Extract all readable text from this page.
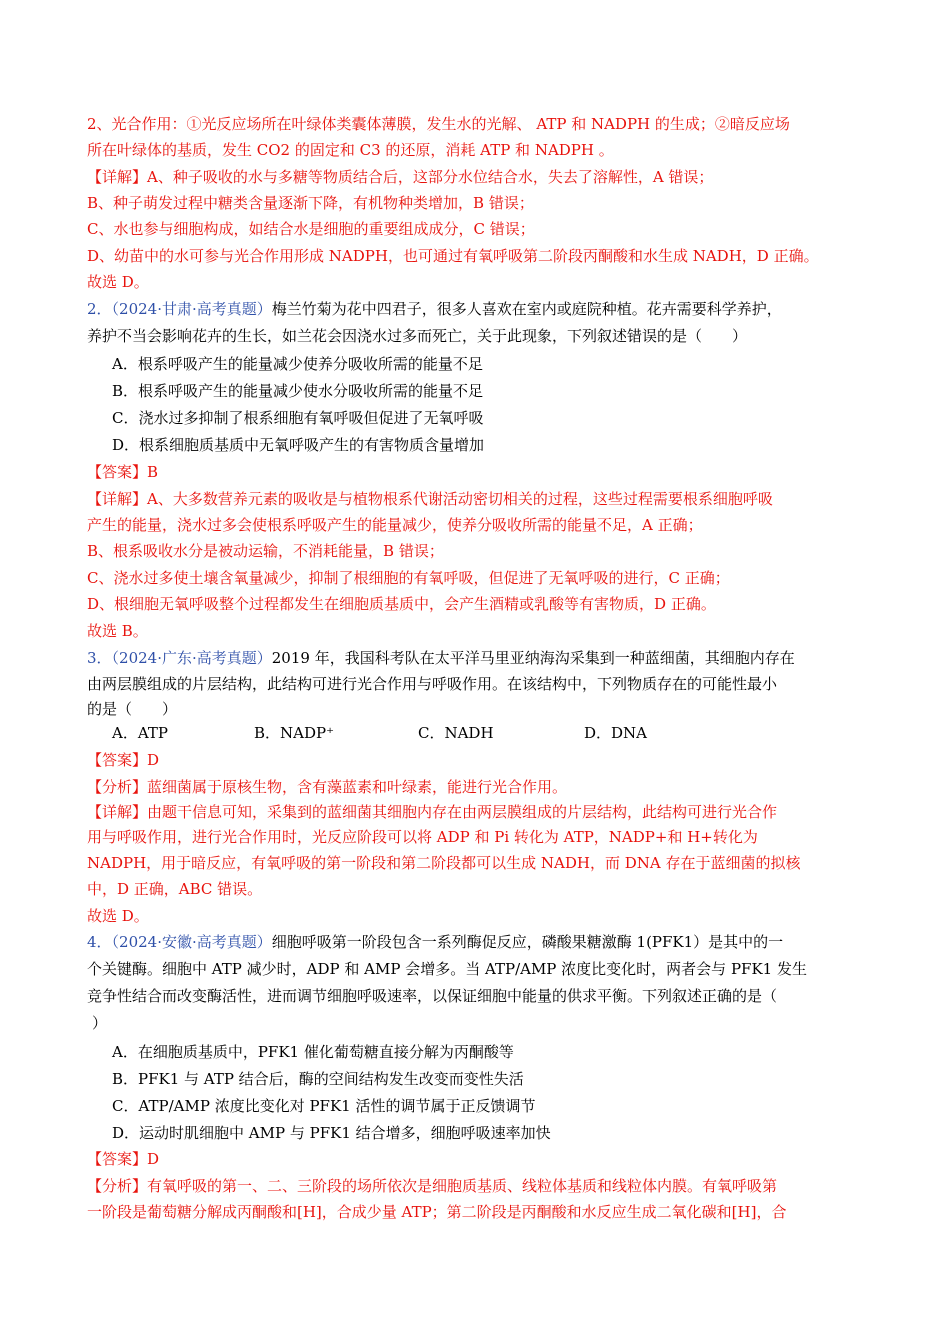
2、光合作用：①光反应场所在叶绿体类囊体薄膜，发生水的光解、 ATP 和 NADPH 的生成；②暗反应场
所在叶绿体的基质，发生 CO2 的固定和 C3 的还原，消耗 ATP 和 NADPH 。
【详解】A、种子吸收的水与多糖等物质结合后，这部分水位结合水，失去了溶解性，A 错误；
B、种子萌发过程中糖类含量逐渐下降，有机物种类增加，B 错误；
C、水也参与细胞构成，如结合水是细胞的重要组成成分，C 错误；
D、幼苗中的水可参与光合作用形成 NADPH，也可通过有氧呼吸第二阶段丙酮酸和水生成 NADH，D 正确。
故选 D。
2．（2024·甘肃·高考真题）梅兰竹菊为花中四君子，很多人喜欢在室内或庭院种植。花卉需要科学养护，
养护不当会影响花卉的生长，如兰花会因浇水过多而死亡，关于此现象，下列叙述错误的是（　　）
A．根系呼吸产生的能量减少使养分吸收所需的能量不足
B．根系呼吸产生的能量减少使水分吸收所需的能量不足
C．浇水过多抑制了根系细胞有氧呼吸但促进了无氧呼吸
D．根系细胞质基质中无氧呼吸产生的有害物质含量增加
【答案】B
【详解】A、大多数营养元素的吸收是与植物根系代谢活动密切相关的过程，这些过程需要根系细胞呼吸
产生的能量，浇水过多会使根系呼吸产生的能量减少，使养分吸收所需的能量不足，A 正确；
B、根系吸收水分是被动运输，不消耗能量，B 错误；
C、浇水过多使土壤含氧量减少，抑制了根细胞的有氧呼吸，但促进了无氧呼吸的进行，C 正确；
D、根细胞无氧呼吸整个过程都发生在细胞质基质中，会产生酒精或乳酸等有害物质，D 正确。
故选 B。
3．（2024·广东·高考真题）2019 年，我国科考队在太平洋马里亚纳海沟采集到一种蓝细菌，其细胞内存在
由两层膜组成的片层结构，此结构可进行光合作用与呼吸作用。在该结构中，下列物质存在的可能性最小
的是（　　）
A．ATP	B．NADP⁺	C．NADH	D．DNA
【答案】D
【分析】蓝细菌属于原核生物，含有藻蓝素和叶绿素，能进行光合作用。
【详解】由题干信息可知，采集到的蓝细菌其细胞内存在由两层膜组成的片层结构，此结构可进行光合作
用与呼吸作用，进行光合作用时，光反应阶段可以将 ADP 和 Pi 转化为 ATP，NADP+和 H+转化为
NADPH，用于暗反应，有氧呼吸的第一阶段和第二阶段都可以生成 NADH，而 DNA 存在于蓝细菌的拟核
中，D 正确，ABC 错误。
故选 D。
4．（2024·安徽·高考真题）细胞呼吸第一阶段包含一系列酶促反应，磷酸果糖激酶 1(PFK1）是其中的一
个关键酶。细胞中 ATP 减少时，ADP 和 AMP 会增多。当 ATP/AMP 浓度比变化时，两者会与 PFK1 发生
竞争性结合而改变酶活性，进而调节细胞呼吸速率，以保证细胞中能量的供求平衡。下列叙述正确的是（
）
A．在细胞质基质中，PFK1 催化葡萄糖直接分解为丙酮酸等
B．PFK1 与 ATP 结合后，酶的空间结构发生改变而变性失活
C．ATP/AMP 浓度比变化对 PFK1 活性的调节属于正反馈调节
D．运动时肌细胞中 AMP 与 PFK1 结合增多，细胞呼吸速率加快
【答案】D
【分析】有氧呼吸的第一、二、三阶段的场所依次是细胞质基质、线粒体基质和线粒体内膜。有氧呼吸第
一阶段是葡萄糖分解成丙酮酸和[H]，合成少量 ATP；第二阶段是丙酮酸和水反应生成二氧化碳和[H]，合
